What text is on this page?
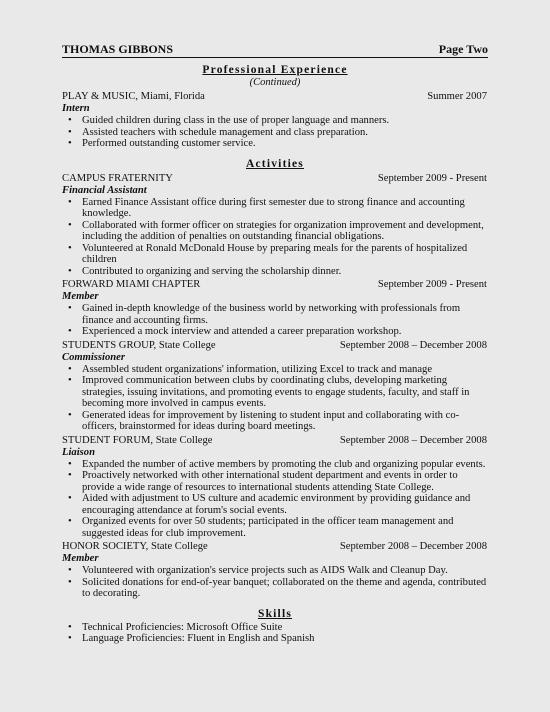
THOMAS GIBBONS	Page Two
Professional Experience
(Continued)
PLAY & MUSIC, Miami, Florida	Summer 2007
Intern
• Guided children during class in the use of proper language and manners.
• Assisted teachers with schedule management and class preparation.
• Performed outstanding customer service.
Activities
CAMPUS FRATERNITY	September 2009 - Present
Financial Assistant
• Earned Finance Assistant office during first semester due to strong finance and accounting knowledge.
• Collaborated with former officer on strategies for organization improvement and development, including the addition of penalties on outstanding financial obligations.
• Volunteered at Ronald McDonald House by preparing meals for the parents of hospitalized children
• Contributed to organizing and serving the scholarship dinner.
FORWARD MIAMI CHAPTER	September 2009 - Present
Member
• Gained in-depth knowledge of the business world by networking with professionals from finance and accounting firms.
• Experienced a mock interview and attended a career preparation workshop.
STUDENTS GROUP, State College	September 2008 – December 2008
Commissioner
• Assembled student organizations' information, utilizing Excel to track and manage
• Improved communication between clubs by coordinating clubs, developing marketing strategies, issuing invitations, and promoting events to engage students, faculty, and staff in becoming more involved in campus events.
• Generated ideas for improvement by listening to student input and collaborating with co-officers, brainstormed for ideas during board meetings.
STUDENT FORUM, State College	September 2008 – December 2008
Liaison
• Expanded the number of active members by promoting the club and organizing popular events.
• Proactively networked with other international student department and events in order to provide a wide range of resources to international students attending State College.
• Aided with adjustment to US culture and academic environment by providing guidance and encouraging attendance at forum's social events.
• Organized events for over 50 students; participated in the officer team management and suggested ideas for club improvement.
HONOR SOCIETY, State College	September 2008 – December 2008
Member
• Volunteered with organization's service projects such as AIDS Walk and Cleanup Day.
• Solicited donations for end-of-year banquet; collaborated on the theme and agenda, contributed to decorating.
Skills
• Technical Proficiencies: Microsoft Office Suite
• Language Proficiencies: Fluent in English and Spanish
